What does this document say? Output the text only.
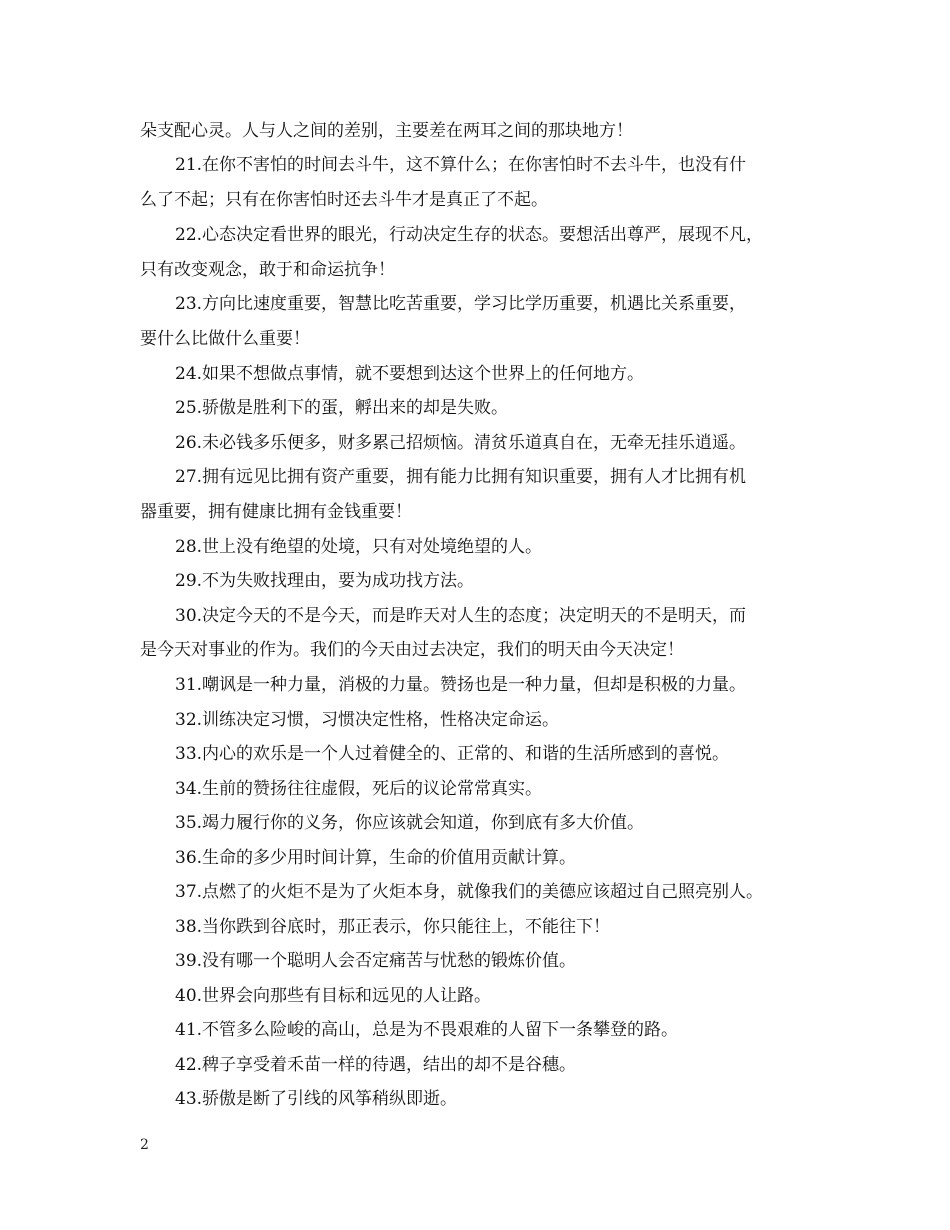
朵支配心灵。人与人之间的差别，主要差在两耳之间的那块地方！
21.在你不害怕的时间去斗牛，这不算什么；在你害怕时不去斗牛，也没有什
么了不起；只有在你害怕时还去斗牛才是真正了不起。
22.心态决定看世界的眼光，行动决定生存的状态。要想活出尊严，展现不凡，
只有改变观念，敢于和命运抗争！
23.方向比速度重要，智慧比吃苦重要，学习比学历重要，机遇比关系重要，
要什么比做什么重要！
24.如果不想做点事情，就不要想到达这个世界上的任何地方。
25.骄傲是胜利下的蛋，孵出来的却是失败。
26.未必钱多乐便多，财多累己招烦恼。清贫乐道真自在，无牵无挂乐逍遥。
27.拥有远见比拥有资产重要，拥有能力比拥有知识重要，拥有人才比拥有机
器重要，拥有健康比拥有金钱重要！
28.世上没有绝望的处境，只有对处境绝望的人。
29.不为失败找理由，要为成功找方法。
30.决定今天的不是今天，而是昨天对人生的态度；决定明天的不是明天，而
是今天对事业的作为。我们的今天由过去决定，我们的明天由今天决定！
31.嘲讽是一种力量，消极的力量。赞扬也是一种力量，但却是积极的力量。
32.训练决定习惯，习惯决定性格，性格决定命运。
33.内心的欢乐是一个人过着健全的、正常的、和谐的生活所感到的喜悦。
34.生前的赞扬往往虚假，死后的议论常常真实。
35.竭力履行你的义务，你应该就会知道，你到底有多大价值。
36.生命的多少用时间计算，生命的价值用贡献计算。
37.点燃了的火炬不是为了火炬本身，就像我们的美德应该超过自己照亮别人。
38.当你跌到谷底时，那正表示，你只能往上，不能往下！
39.没有哪一个聪明人会否定痛苦与忧愁的锻炼价值。
40.世界会向那些有目标和远见的人让路。
41.不管多么险峻的高山，总是为不畏艰难的人留下一条攀登的路。
42.稗子享受着禾苗一样的待遇，结出的却不是谷穗。
43.骄傲是断了引线的风筝稍纵即逝。
2
